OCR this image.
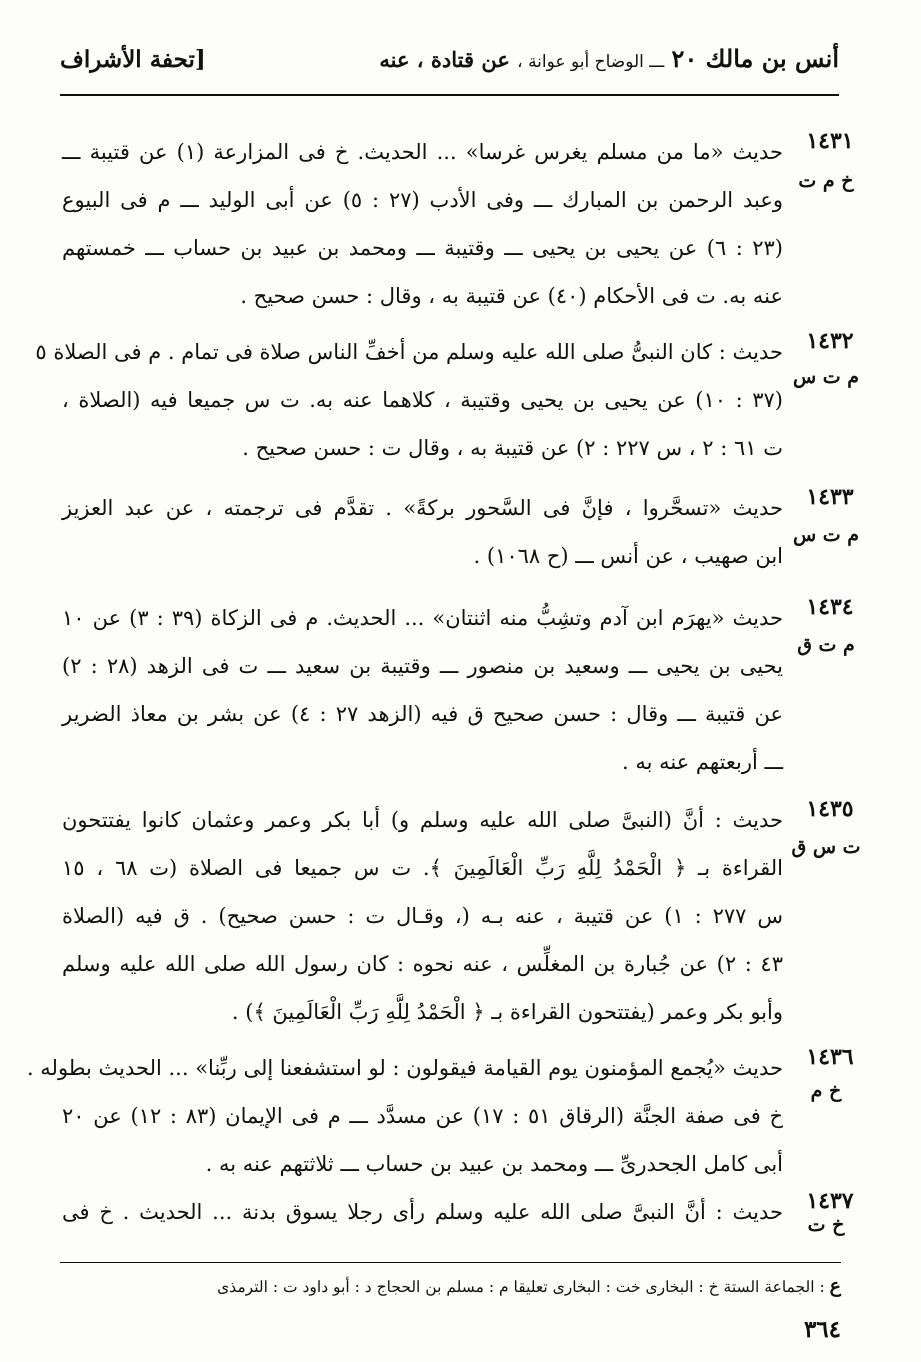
أنس بن مالك ٢٠ ـــ الوضاح أبو عوانة ، عن قتادة ، عنه
[تحفة الأشراف
١٤٣١
خ م ت
حديث «ما من مسلم يغرس غرسا» ... الحديث. خ فى المزارعة (١) عن قتيبة ـــ
وعبد الرحمن بن المبارك ـــ وفى الأدب (٢٧ : ٥) عن أبى الوليد ـــ م فى البيوع
(٢٣ : ٦) عن يحيى بن يحيى ـــ وقتيبة ـــ ومحمد بن عبيد بن حساب ـــ خمستهم
عنه به. ت فى الأحكام (٤٠) عن قتيبة به ، وقال : حسن صحيح .
١٤٣٢
م ت س
حديث : كان النبىُّ صلى الله عليه وسلم من أخفِّ الناس صلاة فى تمام . م فى الصلاة ٥
(٣٧ : ١٠) عن يحيى بن يحيى وقتيبة ، كلاهما عنه به. ت س جميعا فيه (الصلاة ،
ت ٦١ : ٢ ، س ٢٢٧ : ٢) عن قتيبة به ، وقال ت : حسن صحيح .
١٤٣٣
م ت س
حديث «تسحَّروا ، فإنَّ فى السَّحور بركةً» . تقدَّم فى ترجمته ، عن عبد العزيز
ابن صهيب ، عن أنس ـــ (ح ١٠٦٨) .
١٤٣٤
م ت ق
حديث «يهرَم ابن آدم وتشِبُّ منه اثنتان» ... الحديث. م فى الزكاة (٣٩ : ٣) عن ١٠
يحيى بن يحيى ـــ وسعيد بن منصور ـــ وقتيبة بن سعيد ـــ ت فى الزهد (٢٨ : ٢)
عن قتيبة ـــ وقال : حسن صحيح ق فيه (الزهد ٢٧ : ٤) عن بشر بن معاذ الضرير
ـــ أربعتهم عنه به .
١٤٣٥
ت س ق
حديث : أنَّ (النبىَّ صلى الله عليه وسلم و) أبا بكر وعمر وعثمان كانوا يفتتحون
القراءة بـ ﴿ الْحَمْدُ لِلَّهِ رَبِّ الْعَالَمِينَ ﴾. ت س جميعا فى الصلاة (ت ٦٨ ، ١٥
س ٢٧٧ : ١) عن قتيبة ، عنه بـه (، وقـال ت : حسن صحيح) . ق فيه (الصلاة
٤٣ : ٢) عن جُبارة بن المغلِّس ، عنه نحوه : كان رسول الله صلى الله عليه وسلم
وأبو بكر وعمر (يفتتحون القراءة بـ ﴿ الْحَمْدُ لِلَّهِ رَبِّ الْعَالَمِينَ ﴾) .
١٤٣٦
خ م
حديث «يُجمع المؤمنون يوم القيامة فيقولون : لو استشفعنا إلى ربِّنا» ... الحديث بطوله .
خ فى صفة الجنَّة (الرقاق ٥١ : ١٧) عن مسدَّد ـــ م فى الإيمان (٨٣ : ١٢) عن ٢٠
أبى كامل الجحدرىِّ ـــ ومحمد بن عبيد بن حساب ـــ ثلاثتهم عنه به .
١٤٣٧
خ ت
حديث : أنَّ النبىَّ صلى الله عليه وسلم رأى رجلا يسوق بدنة ... الحديث . خ فى
ع : الجماعة الستة خ : البخارى خت : البخارى تعليقا م : مسلم بن الحجاج د : أبو داود ت : الترمذى
٣٦٤
